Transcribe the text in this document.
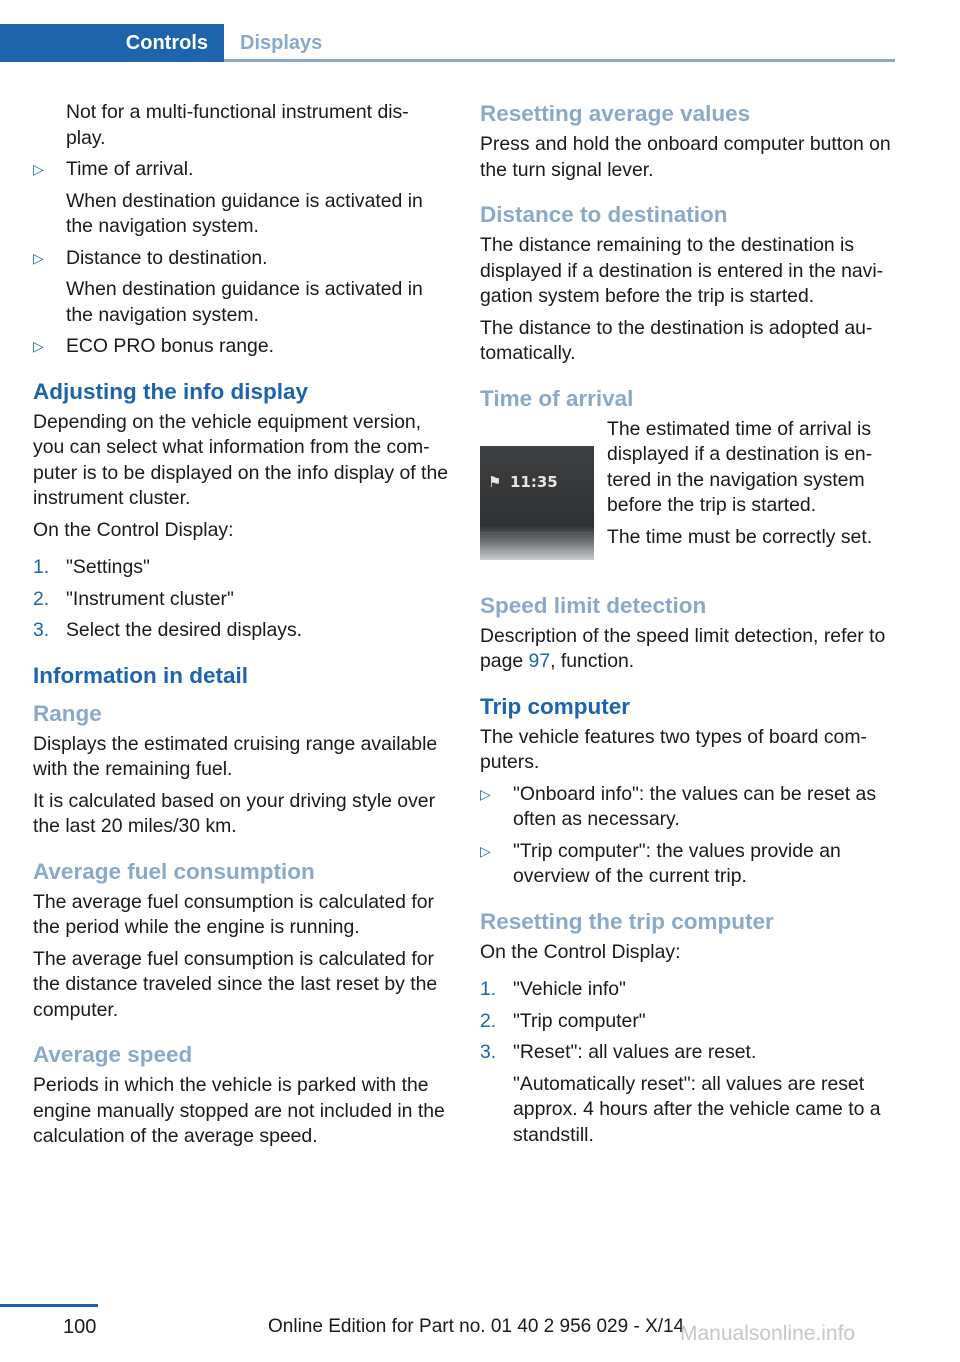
Controls Displays

Not for a multi-functional instrument dis-
play.

▷ Time of arrival.
When destination guidance is activated in the navigation system.
▷ Distance to destination.
When destination guidance is activated in the navigation system.
▷ ECO PRO bonus range.
Adjusting the info display

Depending on the vehicle equipment version, you can select what information from the com-puter is to be displayed on the info display of the instrument cluster.

On the Control Display:

1. "Settings"
2. "Instrument cluster"
3. Select the desired displays.
Information in detail
Range

Displays the estimated cruising range available with the remaining fuel.

It is calculated based on your driving style over the last 20 miles/30 km.

Average fuel consumption

The average fuel consumption is calculated for the period while the engine is running.

The average fuel consumption is calculated for the distance traveled since the last reset by the computer.

Average speed

Periods in which the vehicle is parked with the engine manually stopped are not included in the calculation of the average speed.

Resetting average values

Press and hold the onboard computer button on the turn signal lever.

Distance to destination

The distance remaining to the destination is displayed if a destination is entered in the navi-gation system before the trip is started.

The distance to the destination is adopted au-tomatically.

Time of arrival
⚑ 11:35

The estimated time of arrival is displayed if a destination is en-tered in the navigation system before the trip is started.

The time must be correctly set.

Speed limit detection

Description of the speed limit detection, refer to page 97, function.

Trip computer

The vehicle features two types of board com-puters.

▷ "Onboard info": the values can be reset as often as necessary.
▷ "Trip computer": the values provide an overview of the current trip.
Resetting the trip computer

On the Control Display:

1. "Vehicle info"
2. "Trip computer"
3. "Reset": all values are reset.
"Automatically reset": all values are reset approx. 4 hours after the vehicle came to a standstill.
100	Online Edition for Part no. 01 40 2 956 029 - X/14
Manualsonline.info
